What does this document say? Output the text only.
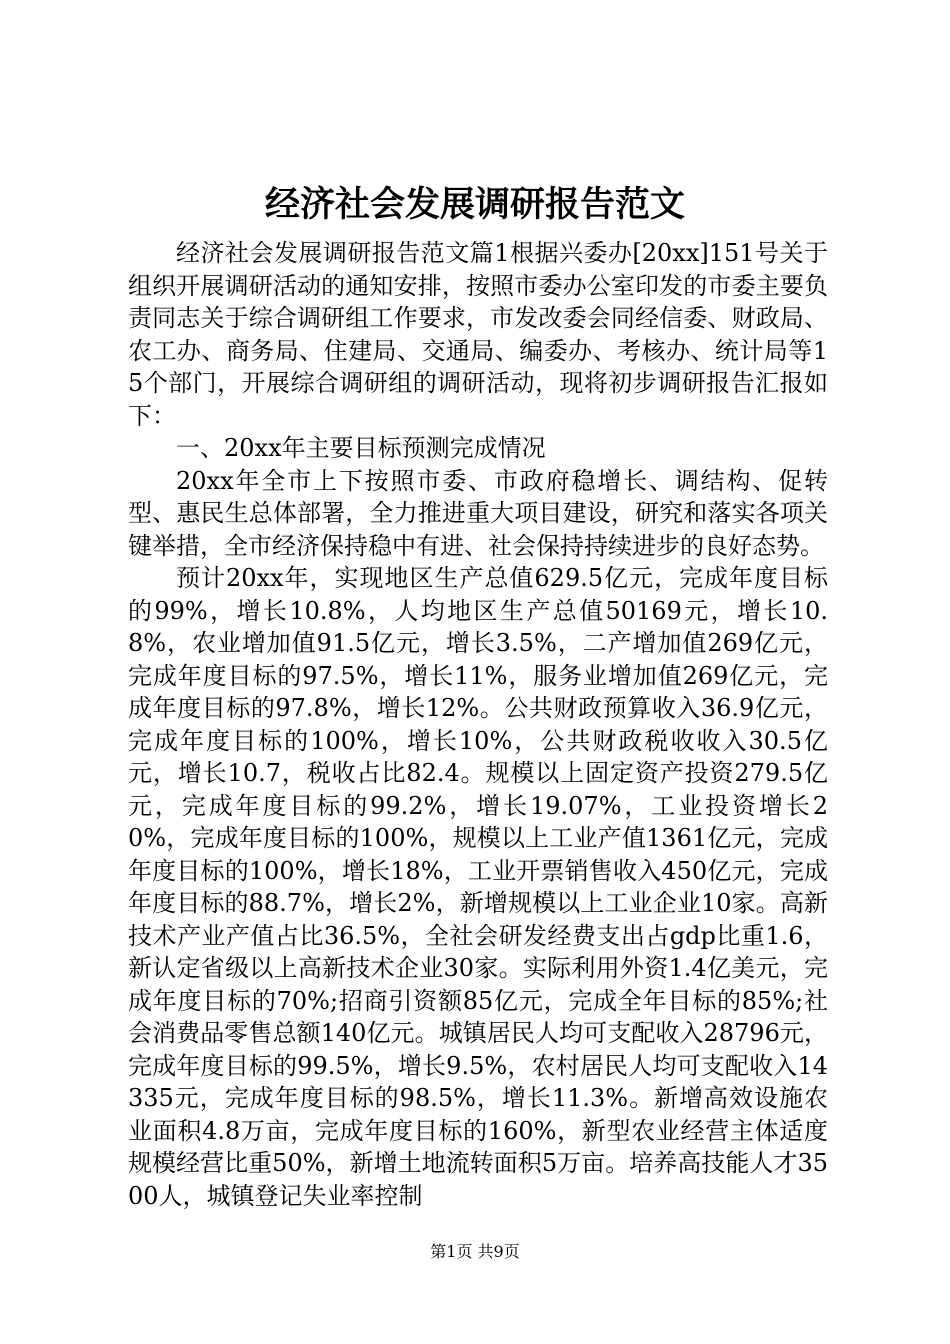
经济社会发展调研报告范文

经济社会发展调研报告范文篇1根据兴委办[20xx]151号关于组织开展调研活动的通知安排，按照市委办公室印发的市委主要负责同志关于综合调研组工作要求，市发改委会同经信委、财政局、农工办、商务局、住建局、交通局、编委办、考核办、统计局等15个部门，开展综合调研组的调研活动，现将初步调研报告汇报如下：

一、20xx年主要目标预测完成情况

20xx年全市上下按照市委、市政府稳增长、调结构、促转型、惠民生总体部署，全力推进重大项目建设，研究和落实各项关键举措，全市经济保持稳中有进、社会保持持续进步的良好态势。

预计20xx年，实现地区生产总值629.5亿元，完成年度目标的99%，增长10.8%，人均地区生产总值50169元，增长10.8%，农业增加值91.5亿元，增长3.5%，二产增加值269亿元，完成年度目标的97.5%，增长11%，服务业增加值269亿元，完成年度目标的97.8%，增长12%。公共财政预算收入36.9亿元，完成年度目标的100%，增长10%，公共财政税收收入30.5亿元，增长10.7，税收占比82.4。规模以上固定资产投资279.5亿元，完成年度目标的99.2%，增长19.07%，工业投资增长20%，完成年度目标的100%，规模以上工业产值1361亿元，完成年度目标的100%，增长18%，工业开票销售收入450亿元，完成年度目标的88.7%，增长2%，新增规模以上工业企业10家。高新技术产业产值占比36.5%，全社会研发经费支出占gdp比重1.6，新认定省级以上高新技术企业30家。实际利用外资1.4亿美元，完成年度目标的70%;招商引资额85亿元，完成全年目标的85%;社会消费品零售总额140亿元。城镇居民人均可支配收入28796元，完成年度目标的99.5%，增长9.5%，农村居民人均可支配收入14335元，完成年度目标的98.5%，增长11.3%。新增高效设施农业面积4.8万亩，完成年度目标的160%，新型农业经营主体适度规模经营比重50%，新增土地流转面积5万亩。培养高技能人才3500人，城镇登记失业率控制

第1页 共9页
